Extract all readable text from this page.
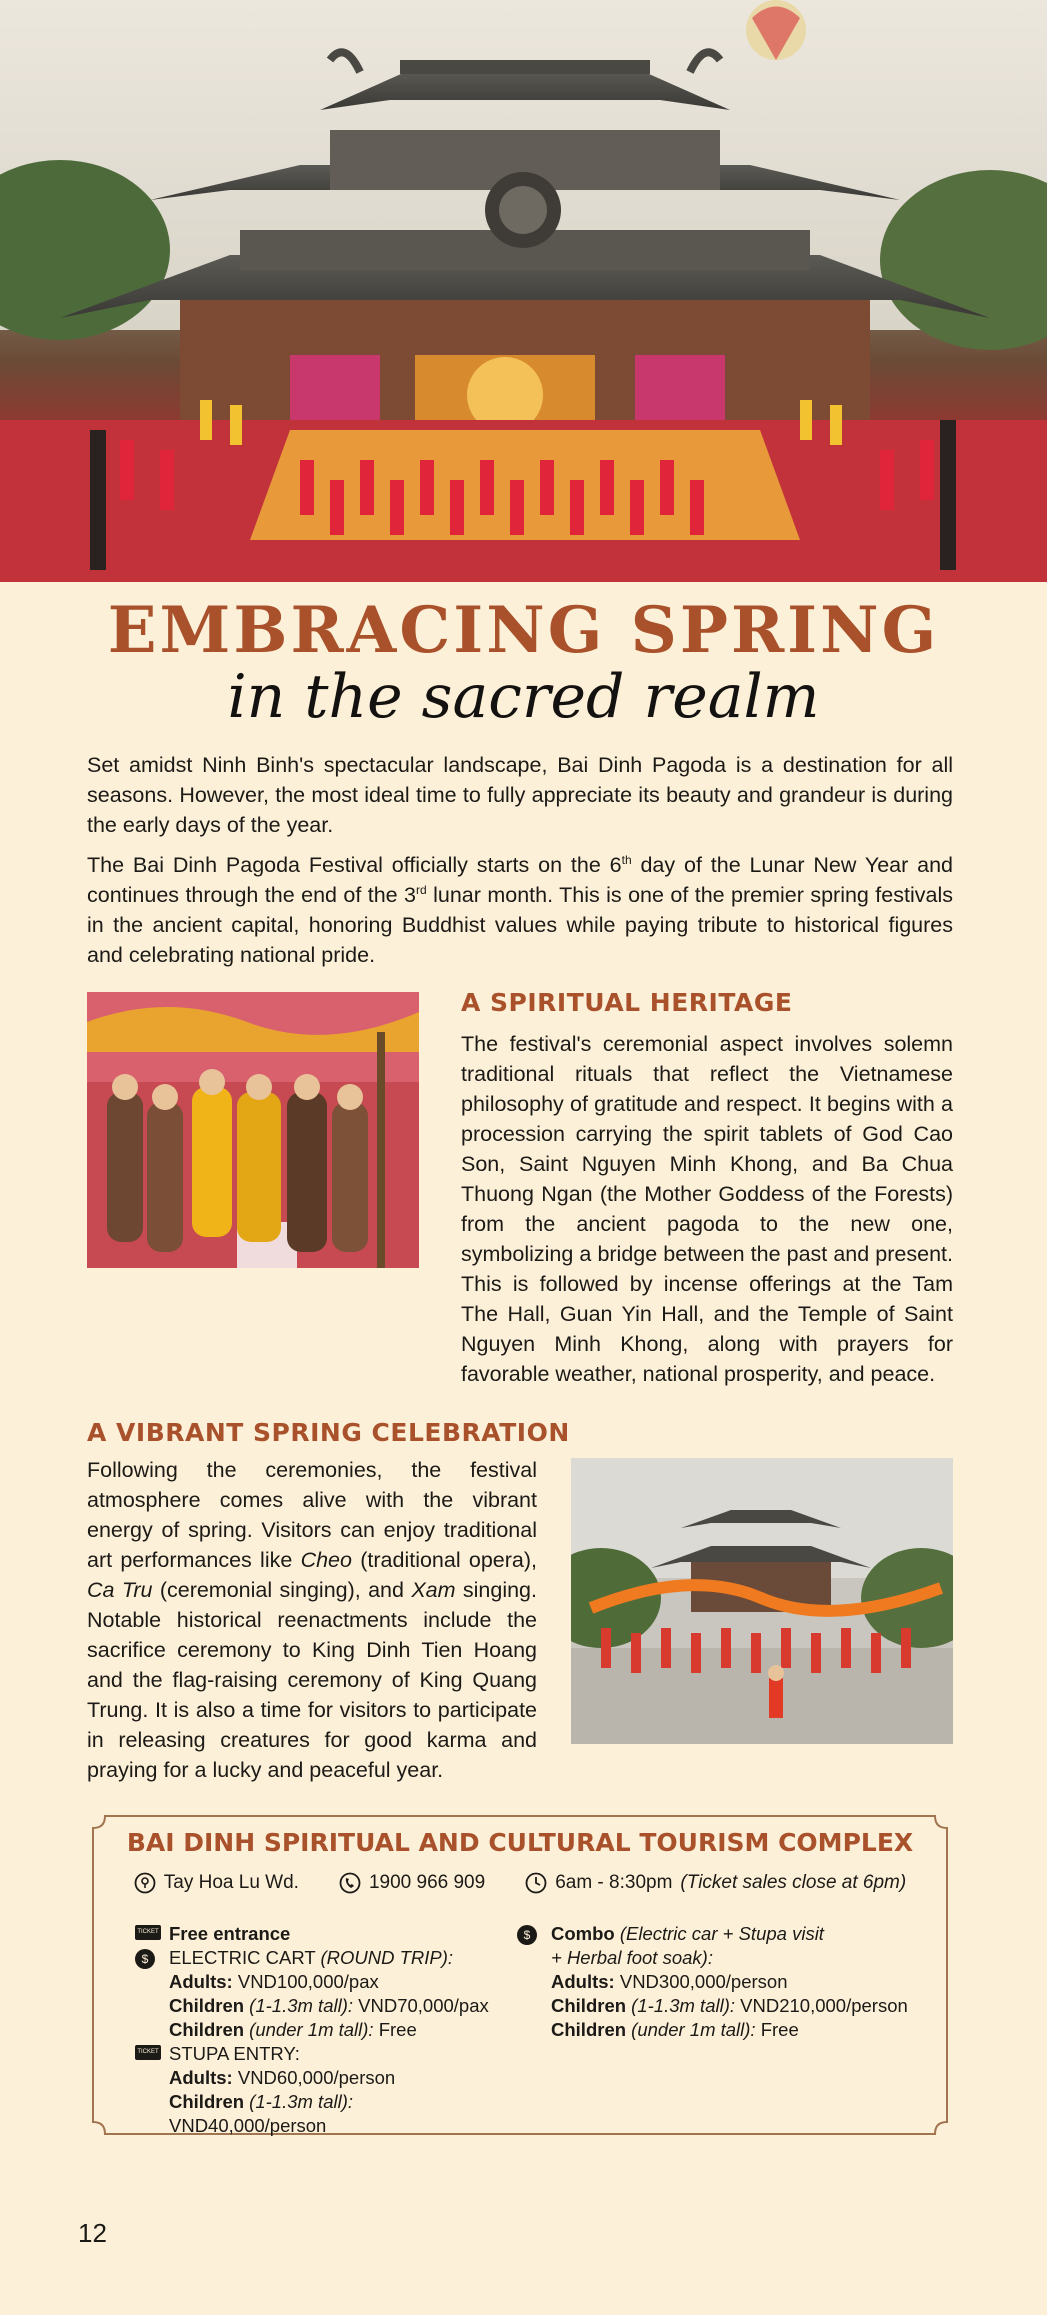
EMBRACING SPRING
in the sacred realm

Set amidst Ninh Binh's spectacular landscape, Bai Dinh Pagoda is a destination for all seasons. However, the most ideal time to fully appreciate its beauty and grandeur is during the early days of the year.

The Bai Dinh Pagoda Festival officially starts on the 6th day of the Lunar New Year and continues through the end of the 3rd lunar month. This is one of the premier spring festivals in the ancient capital, honoring Buddhist values while paying tribute to historical figures and celebrating national pride.

A SPIRITUAL HERITAGE

The festival's ceremonial aspect involves solemn traditional rituals that reflect the Vietnamese philosophy of gratitude and respect. It begins with a procession carrying the spirit tablets of God Cao Son, Saint Nguyen Minh Khong, and Ba Chua Thuong Ngan (the Mother Goddess of the Forests) from the ancient pagoda to the new one, symbolizing a bridge between the past and present. This is followed by incense offerings at the Tam The Hall, Guan Yin Hall, and the Temple of Saint Nguyen Minh Khong, along with prayers for favorable weather, national prosperity, and peace.

A VIBRANT SPRING CELEBRATION

Following the ceremonies, the festival atmosphere comes alive with the vibrant energy of spring. Visitors can enjoy traditional art performances like Cheo (traditional opera), Ca Tru (ceremonial singing), and Xam singing. Notable historical reenactments include the sacrifice ceremony to King Dinh Tien Hoang and the flag-raising ceremony of King Quang Trung. It is also a time for visitors to participate in releasing creatures for good karma and praying for a lucky and peaceful year.

BAI DINH SPIRITUAL AND CULTURAL TOURISM COMPLEX
Tay Hoa Lu Wd.	1900 966 909	6am - 8:30pm (Ticket sales close at 6pm)
TICKET Free entrance
$	ELECTRIC CART (ROUND TRIP):
Adults: VND100,000/pax
Children (1-1.3m tall): VND70,000/pax
Children (under 1m tall): Free
TICKET STUPA ENTRY:
Adults: VND60,000/person
Children (1-1.3m tall): VND40,000/person
$	Combo (Electric car + Stupa visit
+ Herbal foot soak):
Adults: VND300,000/person
Children (1-1.3m tall): VND210,000/person
Children (under 1m tall): Free
12
